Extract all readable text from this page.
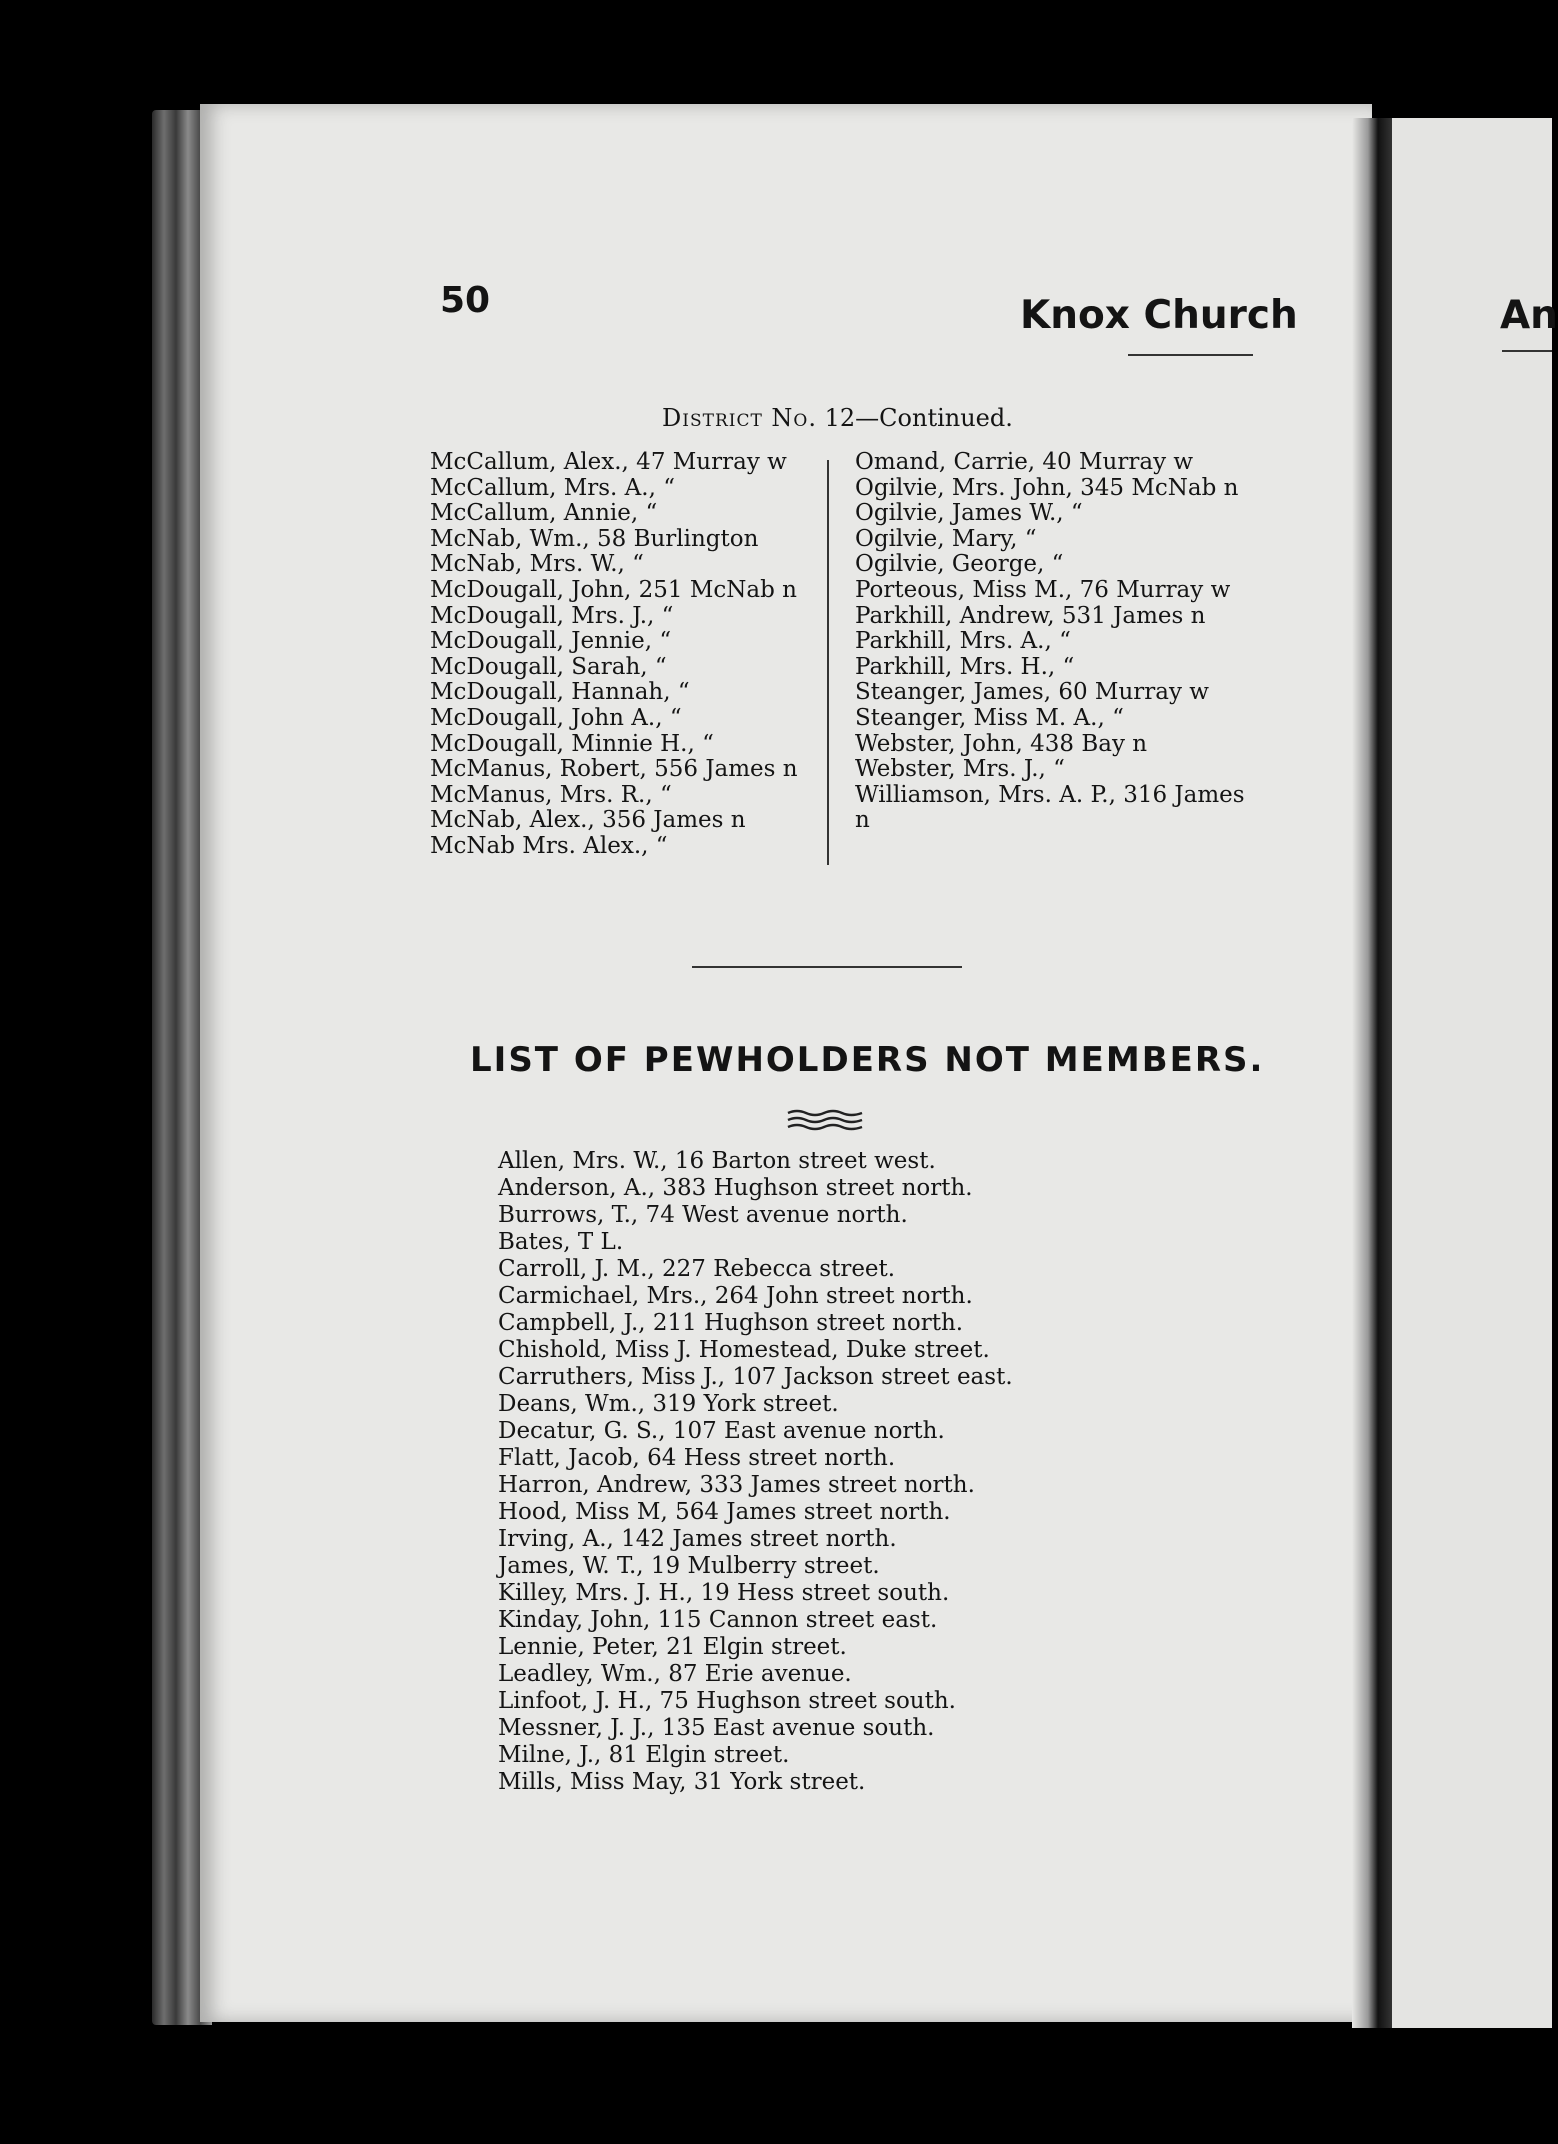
50	Knox Church	An
District No. 12—Continued.
McCallum, Alex., 47 Murray w
McCallum, Mrs. A., “
McCallum, Annie, “
McNab, Wm., 58 Burlington
McNab, Mrs. W., “
McDougall, John, 251 McNab n
McDougall, Mrs. J., “
McDougall, Jennie, “
McDougall, Sarah, “
McDougall, Hannah, “
McDougall, John A., “
McDougall, Minnie H., “
McManus, Robert, 556 James n
McManus, Mrs. R., “
McNab, Alex., 356 James n
McNab Mrs. Alex., “
Omand, Carrie, 40 Murray w
Ogilvie, Mrs. John, 345 McNab n
Ogilvie, James W., “
Ogilvie, Mary, “
Ogilvie, George, “
Porteous, Miss M., 76 Murray w
Parkhill, Andrew, 531 James n
Parkhill, Mrs. A., “
Parkhill, Mrs. H., “
Steanger, James, 60 Murray w
Steanger, Miss M. A., “
Webster, John, 438 Bay n
Webster, Mrs. J., “
Williamson, Mrs. A. P., 316 James n
LIST OF PEWHOLDERS NOT MEMBERS.
Allen, Mrs. W., 16 Barton street west.
Anderson, A., 383 Hughson street north.
Burrows, T., 74 West avenue north.
Bates, T L.
Carroll, J. M., 227 Rebecca street.
Carmichael, Mrs., 264 John street north.
Campbell, J., 211 Hughson street north.
Chishold, Miss J. Homestead, Duke street.
Carruthers, Miss J., 107 Jackson street east.
Deans, Wm., 319 York street.
Decatur, G. S., 107 East avenue north.
Flatt, Jacob, 64 Hess street north.
Harron, Andrew, 333 James street north.
Hood, Miss M, 564 James street north.
Irving, A., 142 James street north.
James, W. T., 19 Mulberry street.
Killey, Mrs. J. H., 19 Hess street south.
Kinday, John, 115 Cannon street east.
Lennie, Peter, 21 Elgin street.
Leadley, Wm., 87 Erie avenue.
Linfoot, J. H., 75 Hughson street south.
Messner, J. J., 135 East avenue south.
Milne, J., 81 Elgin street.
Mills, Miss May, 31 York street.
